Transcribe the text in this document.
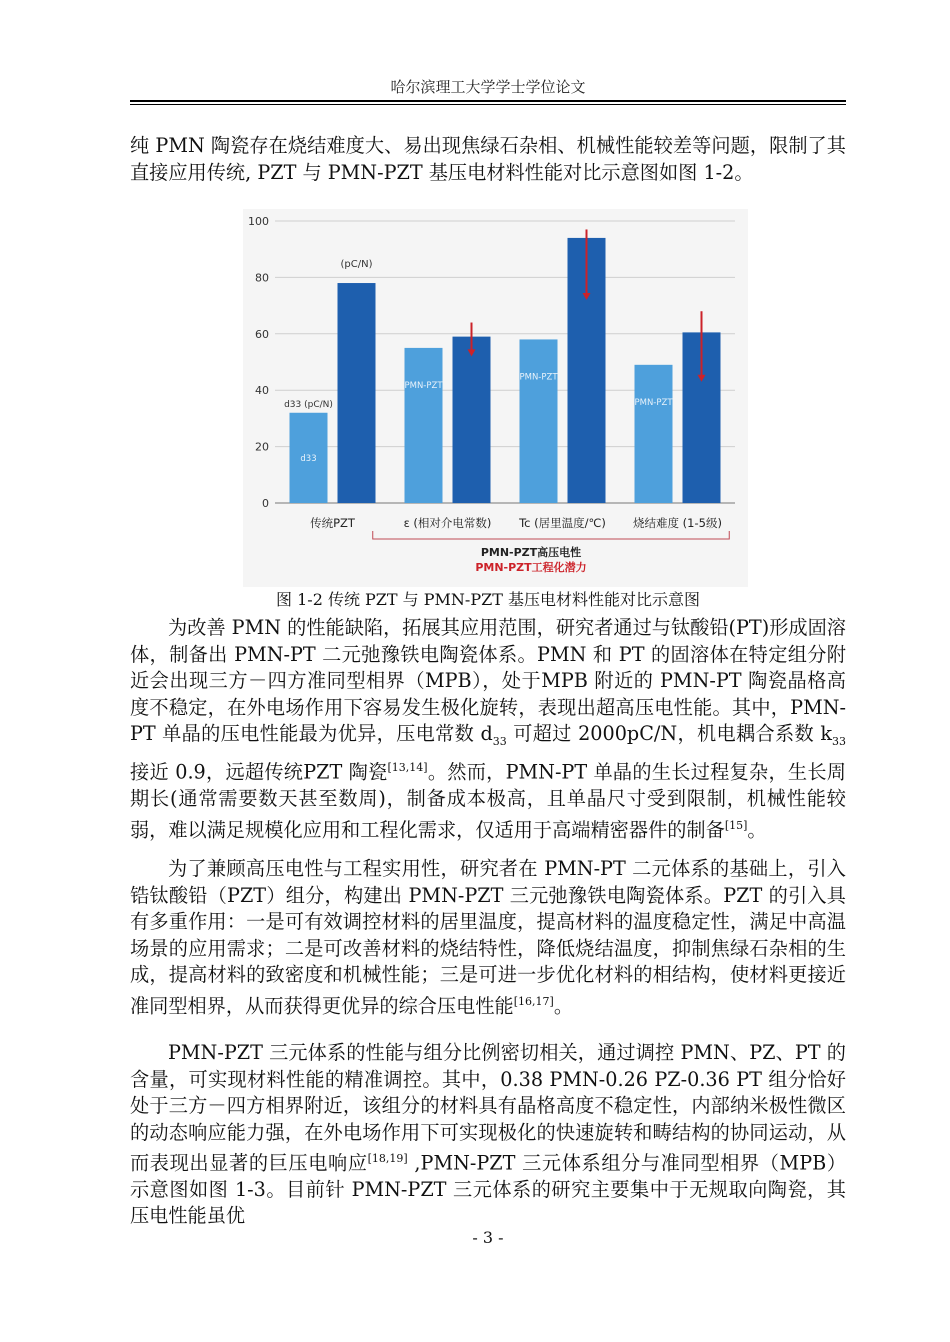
哈尔滨理工大学学士学位论文

纯 PMN 陶瓷存在烧结难度大、易出现焦绿石杂相、机械性能较差等问题，限制了其直接应用传统, PZT 与 PMN-PZT 基压电材料性能对比示意图如图 1-2。

0
20
40
60
80
100
d33
传统PZT
PMN-PZT
ε (相对介电常数)
PMN-PZT
Tc (居里温度/℃)
PMN-PZT
烧结难度 (1-5级)
d33 (pC/N)
(pC/N)
PMN-PZT高压电性
PMN-PZT工程化潜力
图 1-2 传统 PZT 与 PMN-PZT 基压电材料性能对比示意图

为改善 PMN 的性能缺陷，拓展其应用范围，研究者通过与钛酸铅(PT)形成固溶体，制备出 PMN-PT 二元弛豫铁电陶瓷体系。PMN 和 PT 的固溶体在特定组分附近会出现三方－四方准同型相界（MPB），处于MPB 附近的 PMN-PT 陶瓷晶格高度不稳定，在外电场作用下容易发生极化旋转，表现出超高压电性能。其中，PMN-PT 单晶的压电性能最为优异，压电常数 $d_{33}$ 可超过 2000pC/N，机电耦合系数 $k_{33}$ 接近 0.9，远超传统PZT 陶瓷[13,14]。然而，PMN-PT 单晶的生长过程复杂，生长周期长(通常需要数天甚至数周)，制备成本极高，且单晶尺寸受到限制，机械性能较弱，难以满足规模化应用和工程化需求，仅适用于高端精密器件的制备[15]。

为了兼顾高压电性与工程实用性，研究者在 PMN-PT 二元体系的基础上，引入锆钛酸铅（PZT）组分，构建出 PMN-PZT 三元弛豫铁电陶瓷体系。PZT 的引入具有多重作用：一是可有效调控材料的居里温度，提高材料的温度稳定性，满足中高温场景的应用需求；二是可改善材料的烧结特性，降低烧结温度，抑制焦绿石杂相的生成，提高材料的致密度和机械性能；三是可进一步优化材料的相结构，使材料更接近准同型相界，从而获得更优异的综合压电性能[16,17]。

PMN-PZT 三元体系的性能与组分比例密切相关，通过调控 PMN、PZ、PT 的含量，可实现材料性能的精准调控。其中，0.38 PMN-0.26 PZ-0.36 PT 组分恰好处于三方－四方相界附近，该组分的材料具有晶格高度不稳定性，内部纳米极性微区的动态响应能力强，在外电场作用下可实现极化的快速旋转和畴结构的协同运动，从而表现出显著的巨压电响应[18,19] ,PMN-PZT 三元体系组分与准同型相界（MPB）示意图如图 1-3。目前针 PMN-PZT 三元体系的研究主要集中于无规取向陶瓷，其压电性能虽优

- 3 -
